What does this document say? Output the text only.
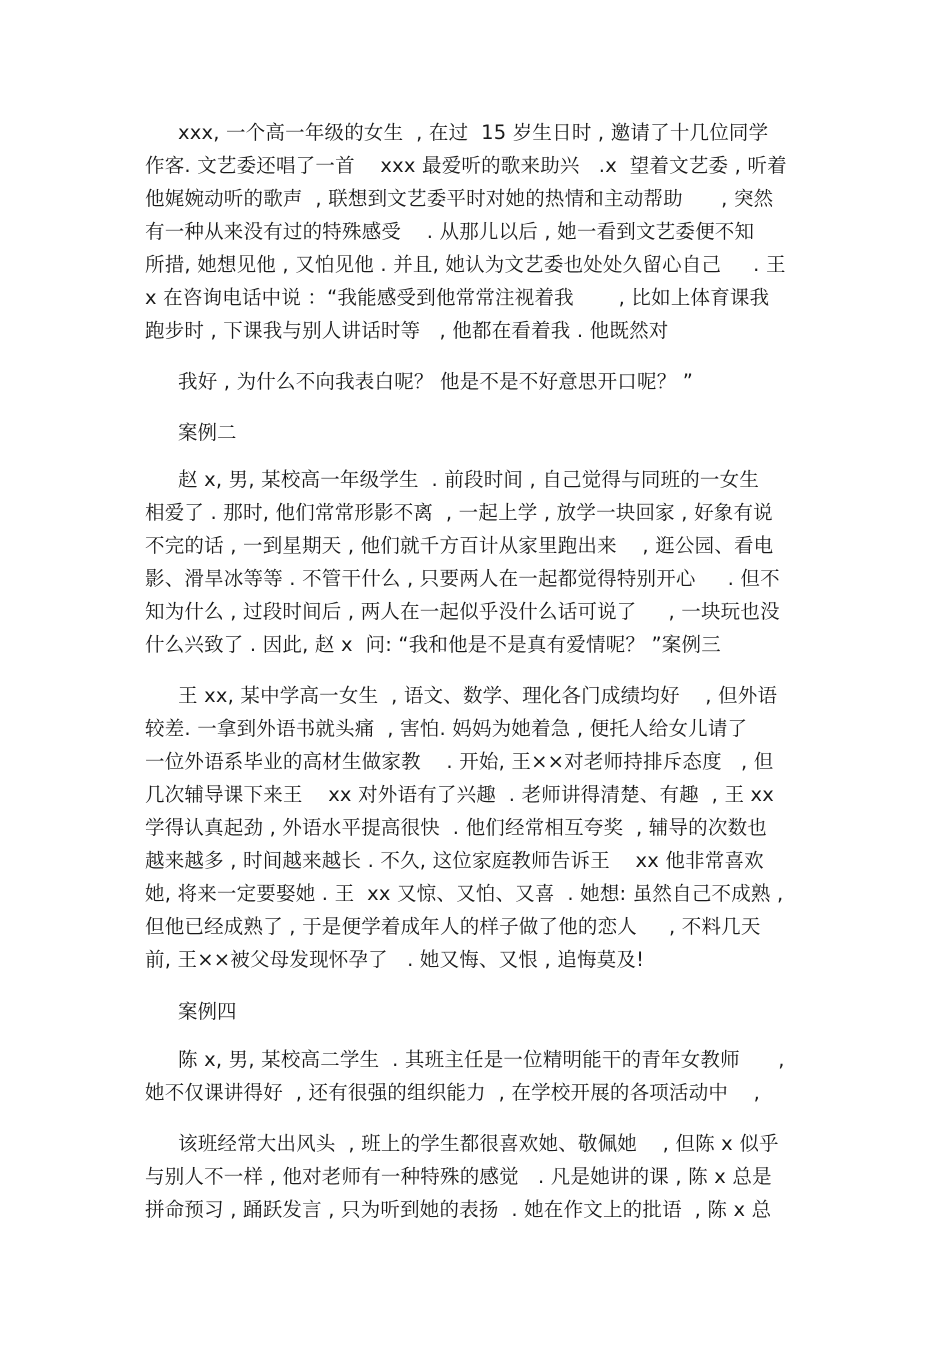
xxx, 一个高一年级的女生  , 在过  15 岁生日时 , 邀请了十几位同学
作客. 文艺委还唱了一首    xxx 最爱听的歌来助兴   .x  望着文艺委 , 听着
他娓婉动听的歌声  , 联想到文艺委平时对她的热情和主动帮助      , 突然
有一种从来没有过的特殊感受    . 从那儿以后 , 她一看到文艺委便不知
所措, 她想见他 , 又怕见他 . 并且, 她认为文艺委也处处久留心自己     . 王
x 在咨询电话中说 ：“我能感受到他常常注视着我       , 比如上体育课我
跑步时 , 下课我与别人讲话时等   , 他都在看着我 . 他既然对
我好 , 为什么不向我表白呢？ 他是不是不好意思开口呢？ ”
案例二
赵 x, 男, 某校高一年级学生  . 前段时间 , 自己觉得与同班的一女生
相爱了 . 那时, 他们常常形影不离  , 一起上学 , 放学一块回家 , 好象有说
不完的话 , 一到星期天 , 他们就千方百计从家里跑出来    , 逛公园、看电
影、滑旱冰等等 . 不管干什么 , 只要两人在一起都觉得特别开心     . 但不
知为什么 , 过段时间后 , 两人在一起似乎没什么话可说了     , 一块玩也没
什么兴致了 . 因此, 赵 x  问: “我和他是不是真有爱情呢？ ”案例三
王 xx, 某中学高一女生  , 语文、数学、理化各门成绩均好    , 但外语
较差. 一拿到外语书就头痛  , 害怕. 妈妈为她着急 , 便托人给女儿请了
一位外语系毕业的高材生做家教    . 开始, 王××对老师持排斥态度   , 但
几次辅导课下来王    xx 对外语有了兴趣  . 老师讲得清楚、有趣  , 王 xx
学得认真起劲 , 外语水平提高很快  . 他们经常相互夸奖  , 辅导的次数也
越来越多 , 时间越来越长 . 不久, 这位家庭教师告诉王    xx 他非常喜欢
她, 将来一定要娶她 . 王  xx 又惊、又怕、又喜  . 她想: 虽然自己不成熟 ,
但他已经成熟了 , 于是便学着成年人的样子做了他的恋人     , 不料几天
前, 王××被父母发现怀孕了   . 她又悔、又恨 , 追悔莫及!
案例四
陈 x, 男, 某校高二学生  . 其班主任是一位精明能干的青年女教师      ,
她不仅课讲得好  , 还有很强的组织能力  , 在学校开展的各项活动中    ,
该班经常大出风头  , 班上的学生都很喜欢她、敬佩她    , 但陈 x 似乎
与别人不一样 , 他对老师有一种特殊的感觉   . 凡是她讲的课 , 陈 x 总是
拼命预习 , 踊跃发言 , 只为听到她的表扬  . 她在作文上的批语  , 陈 x 总
